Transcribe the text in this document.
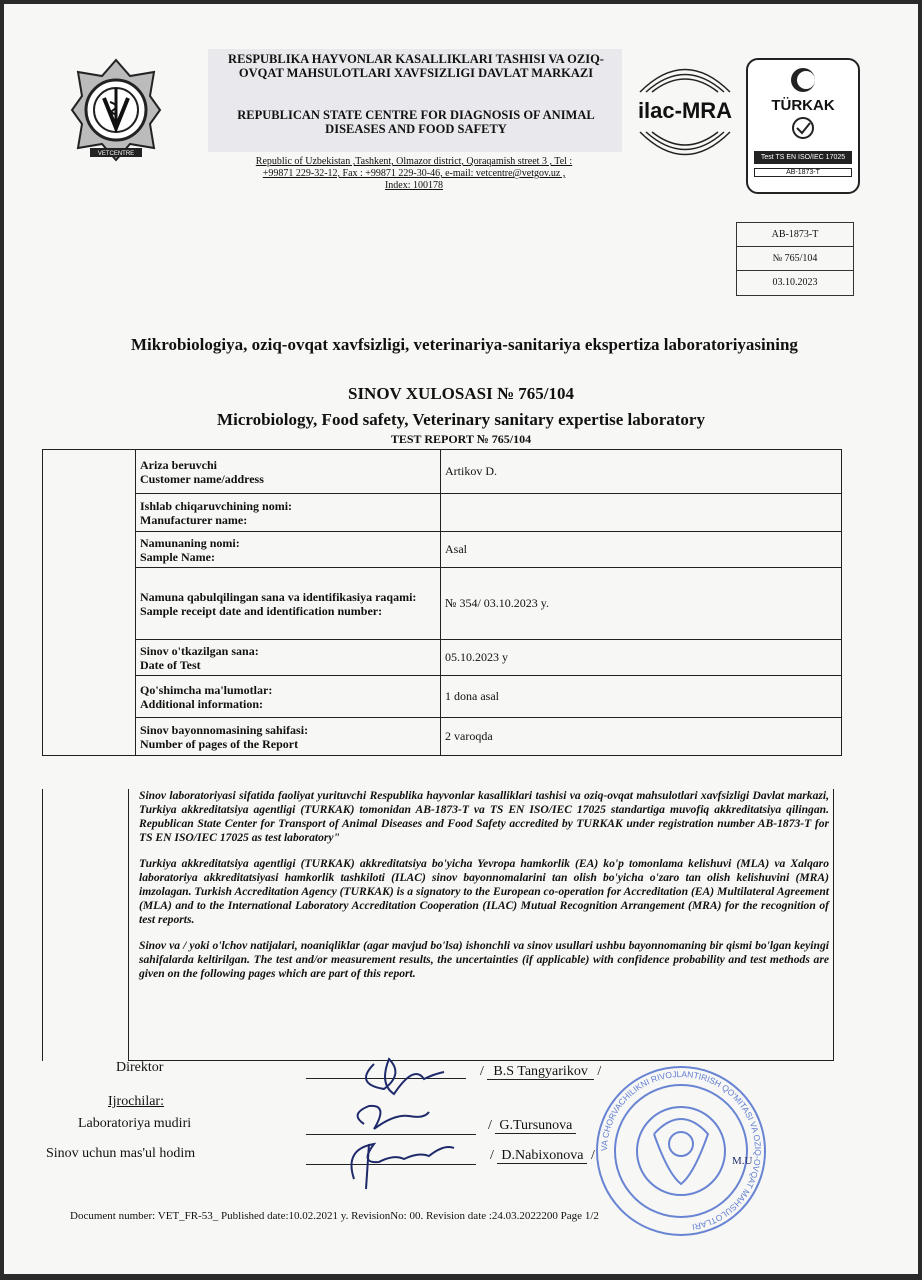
VETCENTRE
RESPUBLIKA HAYVONLAR KASALLIKLARI TASHISI VA OZIQ-OVQAT MAHSULOTLARI XAVFSIZLIGI DAVLAT MARKAZI
REPUBLICAN STATE CENTRE FOR DIAGNOSIS OF ANIMAL DISEASES AND FOOD SAFETY
Republic of Uzbekistan ,Tashkent, Olmazor district, Qoraqamish street 3 , Tel :
+99871 229-32-12, Fax : +99871 229-30-46, e-mail: vetcentre@vetgov.uz ,
Index: 100178
ilac-MRA	TÜRKAK
Test TS EN ISO/IEC 17025
AB-1873-T
AB-1873-T
№ 765/104
03.10.2023
Mikrobiologiya, oziq-ovqat xavfsizligi, veterinariya-sanitariya ekspertiza laboratoriyasining
SINOV XULOSASI № 765/104
Microbiology, Food safety, Veterinary sanitary expertise laboratory
TEST REPORT № 765/104

	Ariza beruvchi
Customer name/address	Artikov D.

	Ishlab chiqaruvchining nomi:
Manufacturer name:	

	Namunaning nomi:
Sample Name:	Asal

	Namuna qabulqilingan sana va identifikasiya raqami:
Sample receipt date and identification number:	№ 354/ 03.10.2023 y.

	Sinov o'tkazilgan sana:
Date of Test	05.10.2023 y

	Qo'shimcha ma'lumotlar:
Additional information:	1 dona asal

	Sinov bayonnomasining sahifasi:
Number of pages of the Report	2 varoqda

Sinov laboratoriyasi sifatida faoliyat yurituvchi Respublika hayvonlar kasalliklari tashisi va oziq-ovqat mahsulotlari xavfsizligi Davlat markazi, Turkiya akkreditatsiya agentligi (TURKAK) tomonidan AB-1873-T va TS EN ISO/IEC 17025 standartiga muvofiq akkreditatsiya qilingan. Republican State Center for Transport of Animal Diseases and Food Safety accredited by TURKAK under registration number AB-1873-T for TS EN ISO/IEC 17025 as test laboratory"

Turkiya akkreditatsiya agentligi (TURKAK) akkreditatsiya bo'yicha Yevropa hamkorlik (EA) ko'p tomonlama kelishuvi (MLA) va Xalqaro laboratoriya akkreditatsiyasi hamkorlik tashkiloti (ILAC) sinov bayonnomalarini tan olish bo'yicha o'zaro tan olish kelishuvini (MRA) imzolagan. Turkish Accreditation Agency (TURKAK) is a signatory to the European co-operation for Accreditation (EA) Multilateral Agreement (MLA) and to the International Laboratory Accreditation Cooperation (ILAC) Mutual Recognition Arrangement (MRA) for the recognition of test reports.

Sinov va / yoki o'lchov natijalari, noaniqliklar (agar mavjud bo'lsa) ishonchli va sinov usullari ushbu bayonnomaning bir qismi bo'lgan keyingi sahifalarda keltirilgan. The test and/or measurement results, the uncertainties (if applicable) with confidence probability and test methods are given on the following pages which are part of this report.

Direktor	/ B.S Tangyarikov /
Ijrochilar:
Laboratoriya mudiri	/ G.Tursunova
Sinov uchun mas'ul hodim	/ D.Nabixonova / VA CHORVACHILIKNI RIVOJLANTIRISH QO'MITASI VA OZIQ-OVQAT MAHSULOTLARI
M.U
Document number: VET_FR-53_ Published date:10.02.2021 y. RevisionNo: 00. Revision date :24.03.2022200 Page 1/2
